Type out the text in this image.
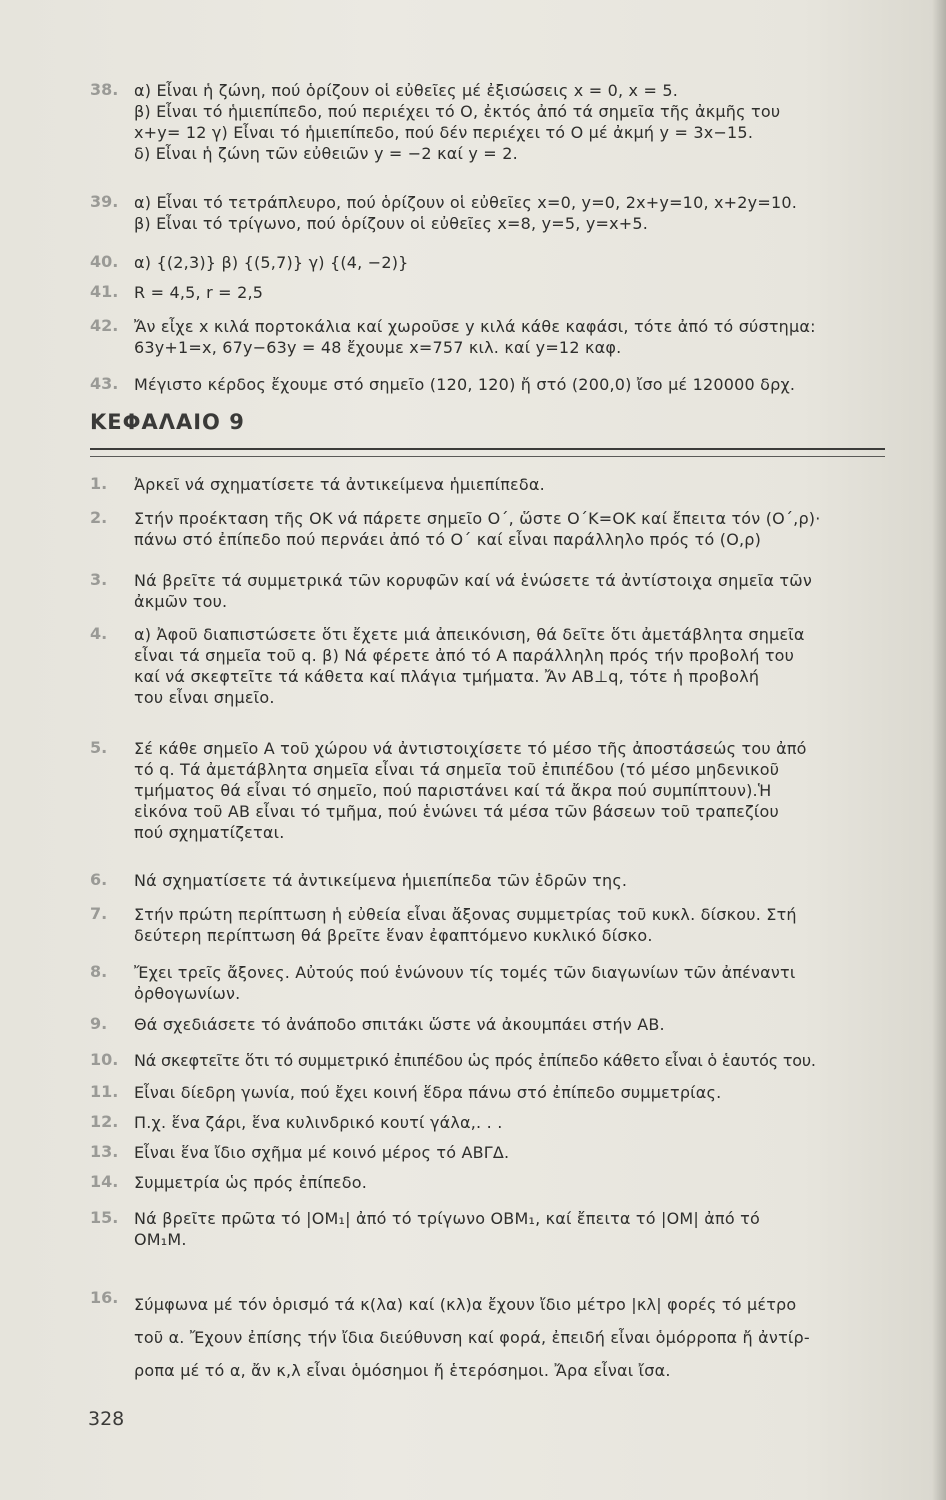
38. α) Εἶναι ἡ ζώνη, πού ὁρίζουν οἱ εὐθεῖες μέ ἐξισώσεις x = 0, x = 5.
β) Εἶναι τό ἡμιεπίπεδο, πού περιέχει τό Ο, ἐκτός ἀπό τά σημεῖα τῆς ἀκμῆς του
x+y= 12 γ) Εἶναι τό ἡμιεπίπεδο, πού δέν περιέχει τό Ο μέ ἀκμή y = 3x−15.
δ) Εἶναι ἡ ζώνη τῶν εὐθειῶν y = −2 καί y = 2.
39. α) Εἶναι τό τετράπλευρο, πού ὁρίζουν οἱ εὐθεῖες x=0, y=0, 2x+y=10, x+2y=10.
β) Εἶναι τό τρίγωνο, πού ὁρίζουν οἱ εὐθεῖες x=8, y=5, y=x+5.
40. α) {(2,3)} β) {(5,7)} γ) {(4, −2)}
41. R = 4,5, r = 2,5
42. Ἄν εἶχε x κιλά πορτοκάλια καί χωροῦσε y κιλά κάθε καφάσι, τότε ἀπό τό σύστημα:
63y+1=x, 67y−63y = 48 ἔχουμε x=757 κιλ. καί y=12 καφ.
43. Μέγιστο κέρδος ἔχουμε στό σημεῖο (120, 120) ἤ στό (200,0) ἴσο μέ 120000 δρχ.
ΚΕΦΑΛΑΙΟ 9
1.	Ἀρκεῖ νά σχηματίσετε τά ἀντικείμενα ἡμιεπίπεδα.
2.	Στήν προέκταση τῆς ΟΚ νά πάρετε σημεῖο Ο΄, ὥστε Ο΄Κ=ΟΚ καί ἔπειτα τόν (Ο΄,ρ)·
πάνω στό ἐπίπεδο πού περνάει ἀπό τό Ο΄ καί εἶναι παράλληλο πρός τό (Ο,ρ)
3.	Νά βρεῖτε τά συμμετρικά τῶν κορυφῶν καί νά ἑνώσετε τά ἀντίστοιχα σημεῖα τῶν
ἀκμῶν του.
4.	α) Ἀφοῦ διαπιστώσετε ὅτι ἔχετε μιά ἀπεικόνιση, θά δεῖτε ὅτι ἀμετάβλητα σημεῖα
εἶναι τά σημεῖα τοῦ q. β) Νά φέρετε ἀπό τό Α παράλληλη πρός τήν προβολή του
καί νά σκεφτεῖτε τά κάθετα καί πλάγια τμήματα. Ἄν ΑΒ⊥q, τότε ἡ προβολή
του εἶναι σημεῖο.
5.	Σέ κάθε σημεῖο Α τοῦ χώρου νά ἀντιστοιχίσετε τό μέσο τῆς ἀποστάσεώς του ἀπό
τό q. Τά ἀμετάβλητα σημεῖα εἶναι τά σημεῖα τοῦ ἐπιπέδου (τό μέσο μηδενικοῦ
τμήματος θά εἶναι τό σημεῖο, πού παριστάνει καί τά ἄκρα πού συμπίπτουν).Ἡ
εἰκόνα τοῦ ΑΒ εἶναι τό τμῆμα, πού ἑνώνει τά μέσα τῶν βάσεων τοῦ τραπεζίου
πού σχηματίζεται.
6.	Νά σχηματίσετε τά ἀντικείμενα ἡμιεπίπεδα τῶν ἑδρῶν της.
7.	Στήν πρώτη περίπτωση ἡ εὐθεία εἶναι ἄξονας συμμετρίας τοῦ κυκλ. δίσκου. Στή
δεύτερη περίπτωση θά βρεῖτε ἕναν ἐφαπτόμενο κυκλικό δίσκο.
8.	Ἔχει τρεῖς ἄξονες. Αὐτούς πού ἑνώνουν τίς τομές τῶν διαγωνίων τῶν ἀπέναντι
ὀρθογωνίων.
9.	Θά σχεδιάσετε τό ἀνάποδο σπιτάκι ὥστε νά ἀκουμπάει στήν ΑΒ.
10. Νά σκεφτεῖτε ὅτι τό συμμετρικό ἐπιπέδου ὡς πρός ἐπίπεδο κάθετο εἶναι ὁ ἑαυτός του.
11. Εἶναι δίεδρη γωνία, πού ἔχει κοινή ἕδρα πάνω στό ἐπίπεδο συμμετρίας.
12. Π.χ. ἕνα ζάρι, ἕνα κυλινδρικό κουτί γάλα,. . .
13. Εἶναι ἕνα ἴδιο σχῆμα μέ κοινό μέρος τό ΑΒΓΔ.
14. Συμμετρία ὡς πρός ἐπίπεδο.
15. Νά βρεῖτε πρῶτα τό |ΟΜ₁| ἀπό τό τρίγωνο ΟΒΜ₁, καί ἔπειτα τό |ΟΜ| ἀπό τό
ΟΜ₁Μ.
16. Σύμφωνα μέ τόν ὁρισμό τά κ(λα) καί (κλ)α ἔχουν ἴδιο μέτρο |κλ| φορές τό μέτρο
τοῦ α. Ἔχουν ἐπίσης τήν ἴδια διεύθυνση καί φορά, ἐπειδή εἶναι ὁμόρροπα ἤ ἀντίρ-
ροπα μέ τό α, ἄν κ,λ εἶναι ὁμόσημοι ἤ ἑτερόσημοι. Ἄρα εἶναι ἴσα.
328
